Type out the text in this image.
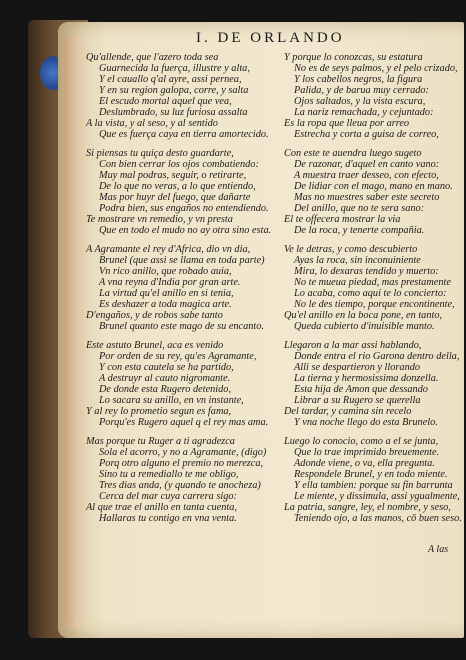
I. DE ORLANDO
Qu'allende, que l'azero toda sea
Guarnecida la fuerça, illustre y alta,
Y el cauallo q'al ayre, assi pernea,
Y en su region galopa, corre, y salta
El escudo mortal aquel que vea,
Deslumbrado, su luz furiosa assalta
A la vista, y al seso, y al sentido
Que es fuerça caya en tierra amortecido.
Si piensas tu quiça desto guardarte,
Con bien cerrar los ojos combatiendo:
Muy mal podras, seguir, o retirarte,
De lo que no veras, a lo que entiendo,
Mas por huyr del fuego, que dañarte
Podra bien, sus engaños no entendiendo.
Te mostrare vn remedio, y vn presta
Que en todo el mudo no ay otra sino esta.
A Agramante el rey d'Africa, dio vn dia,
Brunel (que assi se llama en toda parte)
Vn rico anillo, que robado auia,
A vna reyna d'India por gran arte.
La virtud qu'el anillo en si tenia,
Es deshazer a toda magica arte.
D'engaños, y de robos sabe tanto
Brunel quanto este mago de su encanto.
Este astuto Brunel, aca es venido
Por orden de su rey, qu'es Agramante,
Y con esta cautela se ha partido,
A destruyr al cauto nigromante.
De donde esta Rugero detenido,
Lo sacara su anillo, en vn instante,
Y al rey lo prometio segun es fama,
Porqu'es Rugero aquel q el rey mas ama.
Mas porque tu Ruger a ti agradezca
Sola el acorro, y no a Agramante, (digo)
Porq otro alguno el premio no merezca,
Sino tu a remediallo te me obligo,
Tres dias anda, (y quando te anocheza)
Cerca del mar cuya carrera sigo:
Al que trae el anillo en tanta cuenta,
Hallaras tu contigo en vna venta.
Y porque lo conozcas, su estatura
No es de seys palmos, y el pelo crizado,
Y los cabellos negros, la figura
Palida, y de barua muy cerrado:
Ojos saltados, y la vista escura,
La nariz remachada, y cejuntado:
Es la ropa que lleua por arreo
Estrecha y corta a guisa de correo,
Con este te auendra luego sugeto
De razonar, d'aquel en canto vano:
A muestra traer desseo, con efecto,
De lidiar con el mago, mano en mano.
Mas no muestres saber este secreto
Del anillo, que no te sera sano:
El te offecera mostrar la via
De la roca, y tenerte compañia.
Ve le detras, y como descubierto
Ayas la roca, sin inconuiniente
Mira, lo dexaras tendido y muerto:
No te mueua piedad, mas prestamente
Lo acaba, como aqui te lo concierto:
No le des tiempo, porque encontinente,
Qu'el anillo en la boca pone, en tanto,
Queda cubierto d'inuisible manto.
Llegaron a la mar assi hablando,
Donde entra el rio Garona dentro della,
Alli se despartieron y llorando
La tierna y hermosissima donzella.
Esta hija de Amon que dessando
Librar a su Rugero se querella
Del tardar, y camina sin recelo
Y vna noche llego do esta Brunelo.
Luego lo conocio, como a el se junta,
Que lo trae imprimido breuemente.
Adonde viene, o va, ella pregunta.
Respondele Brunel, y en todo miente.
Y ella tambien: porque su fin barrunta
Le miente, y dissimula, assi ygualmente,
La patria, sangre, ley, el nombre, y seso,
Teniendo ojo, a las manos, cō buen seso.
A las
